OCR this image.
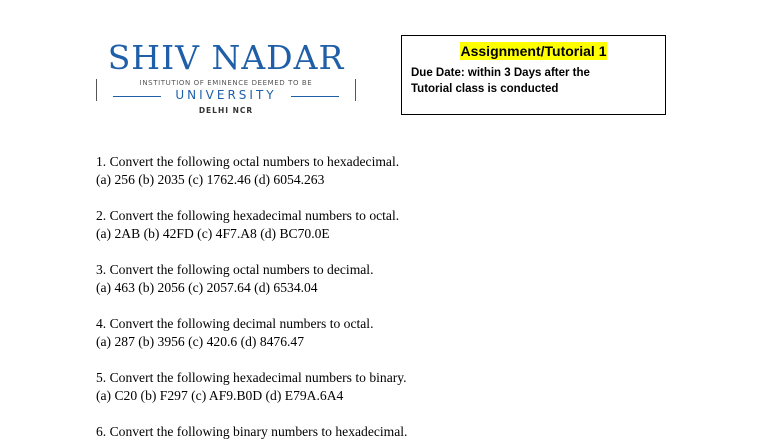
SHIV NADAR
INSTITUTION OF EMINENCE DEEMED TO BE
UNIVERSITY
DELHI NCR
Assignment/Tutorial 1
Due Date: within 3 Days after the
Tutorial class is conducted
1. Convert the following octal numbers to hexadecimal.
(a) 256 (b) 2035 (c) 1762.46 (d) 6054.263
2. Convert the following hexadecimal numbers to octal.
(a) 2AB (b) 42FD (c) 4F7.A8 (d) BC70.0E
3. Convert the following octal numbers to decimal.
(a) 463 (b) 2056 (c) 2057.64 (d) 6534.04
4. Convert the following decimal numbers to octal.
(a) 287 (b) 3956 (c) 420.6 (d) 8476.47
5. Convert the following hexadecimal numbers to binary.
(a) C20 (b) F297 (c) AF9.B0D (d) E79A.6A4
6. Convert the following binary numbers to hexadecimal.
